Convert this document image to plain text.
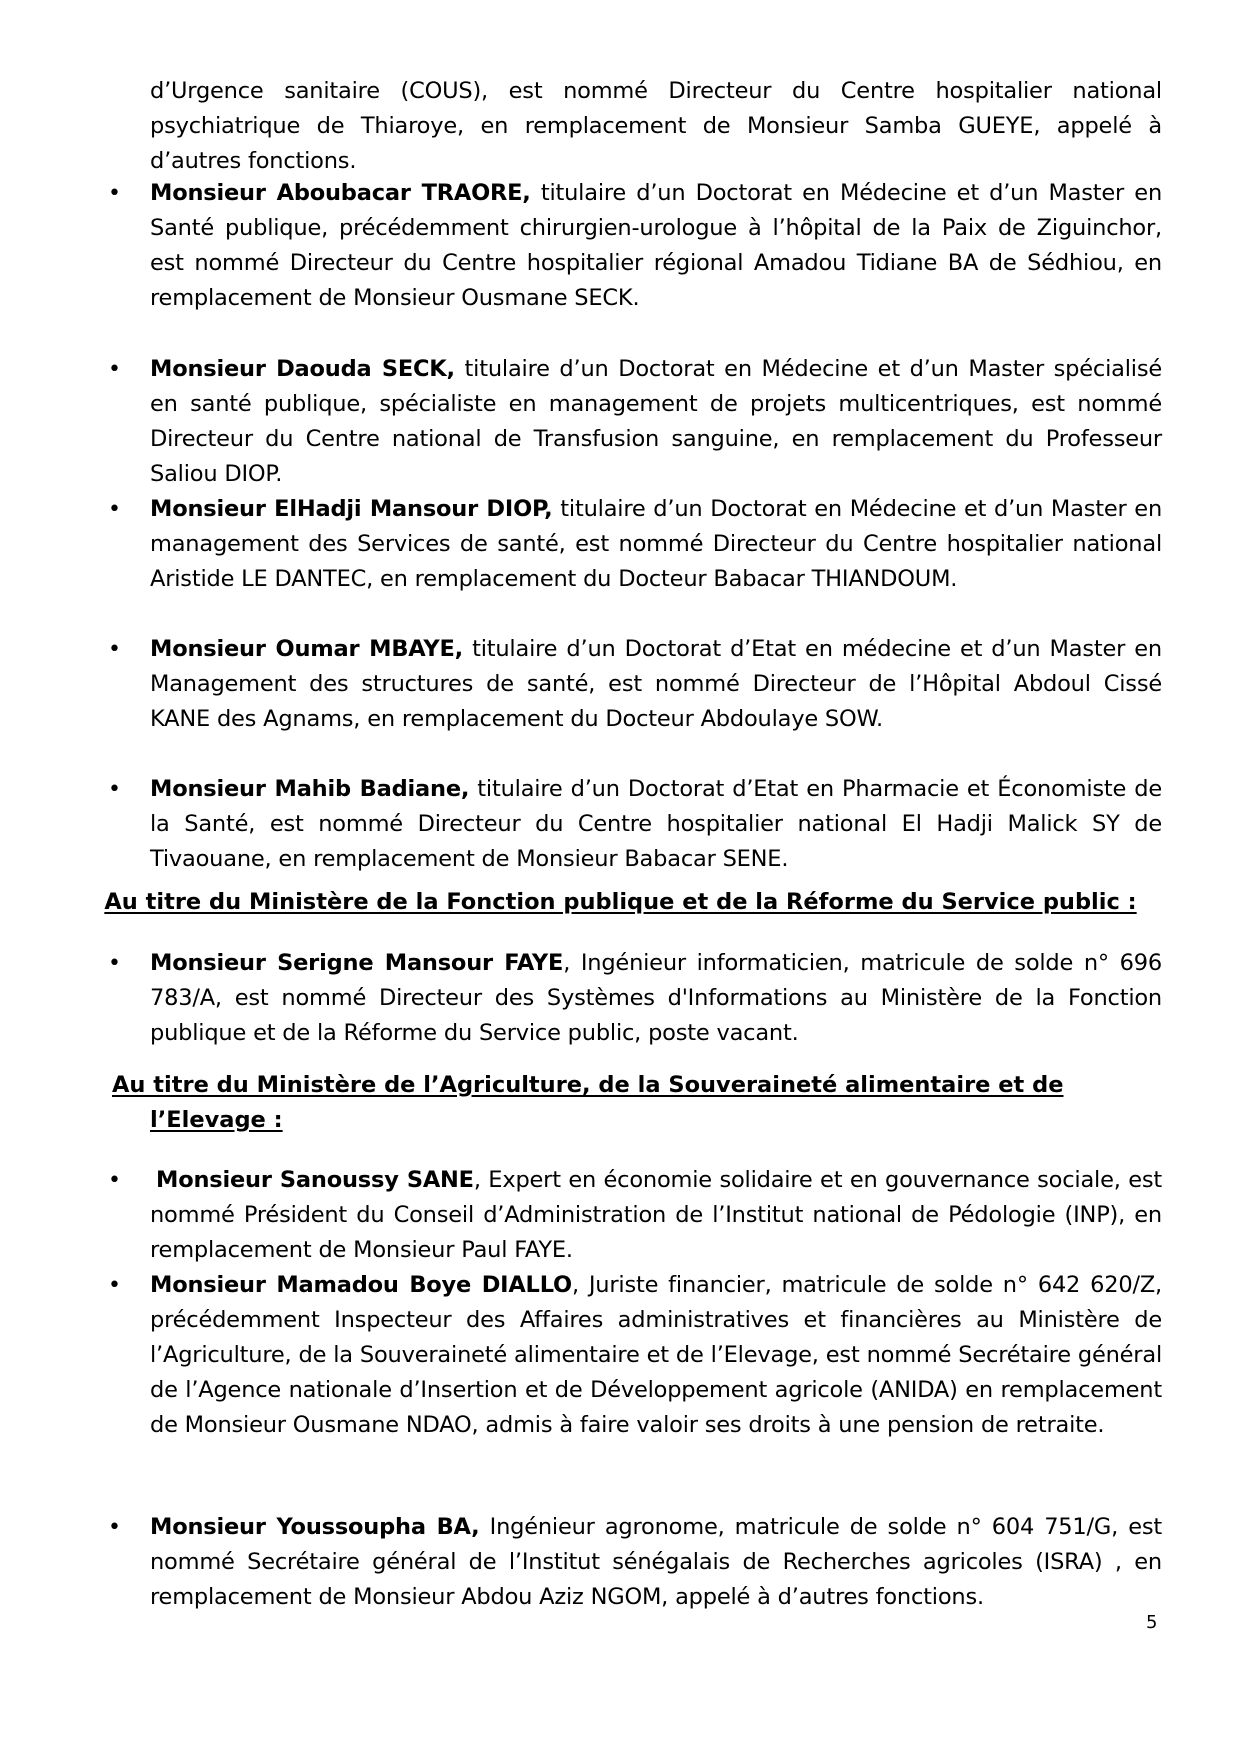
d’Urgence sanitaire (COUS), est nommé Directeur du Centre hospitalier national psychiatrique de Thiaroye, en remplacement de Monsieur Samba GUEYE, appelé à d’autres fonctions.
•	Monsieur Aboubacar TRAORE, titulaire d’un Doctorat en Médecine et d’un Master en Santé publique, précédemment chirurgien-urologue à l’hôpital de la Paix de Ziguinchor, est nommé Directeur du Centre hospitalier régional Amadou Tidiane BA de Sédhiou, en remplacement de Monsieur Ousmane SECK.
•	Monsieur Daouda SECK, titulaire d’un Doctorat en Médecine et d’un Master spécialisé en santé publique, spécialiste en management de projets multicentriques, est nommé Directeur du Centre national de Transfusion sanguine, en remplacement du Professeur Saliou DIOP.
•	Monsieur ElHadji Mansour DIOP, titulaire d’un Doctorat en Médecine et d’un Master en management des Services de santé, est nommé Directeur du Centre hospitalier national Aristide LE DANTEC, en remplacement du Docteur Babacar THIANDOUM.
•	Monsieur Oumar MBAYE, titulaire d’un Doctorat d’Etat en médecine et d’un Master en Management des structures de santé, est nommé Directeur de l’Hôpital Abdoul Cissé KANE des Agnams, en remplacement du Docteur Abdoulaye SOW.
•	Monsieur Mahib Badiane, titulaire d’un Doctorat d’Etat en Pharmacie et Économiste de la Santé, est nommé Directeur du Centre hospitalier national El Hadji Malick SY de Tivaouane, en remplacement de Monsieur Babacar SENE.
Au titre du Ministère de la Fonction publique et de la Réforme du Service public :
•	Monsieur Serigne Mansour FAYE, Ingénieur informaticien, matricule de solde n° 696 783/A, est nommé Directeur des Systèmes d'Informations au Ministère de la Fonction publique et de la Réforme du Service public, poste vacant.
Au titre du Ministère de l’Agriculture, de la Souveraineté alimentaire et de
l’Elevage :
•	Monsieur Sanoussy SANE, Expert en économie solidaire et en gouvernance sociale, est nommé Président du Conseil d’Administration de l’Institut national de Pédologie (INP), en remplacement de Monsieur Paul FAYE.
•	Monsieur Mamadou Boye DIALLO, Juriste financier, matricule de solde n° 642 620/Z, précédemment Inspecteur des Affaires administratives et financières au Ministère de l’Agriculture, de la Souveraineté alimentaire et de l’Elevage, est nommé Secrétaire général de l’Agence nationale d’Insertion et de Développement agricole (ANIDA) en remplacement de Monsieur Ousmane NDAO, admis à faire valoir ses droits à une pension de retraite.
•	Monsieur Youssoupha BA, Ingénieur agronome, matricule de solde n° 604 751/G, est nommé Secrétaire général de l’Institut sénégalais de Recherches agricoles (ISRA) , en remplacement de Monsieur Abdou Aziz NGOM, appelé à d’autres fonctions.
5
